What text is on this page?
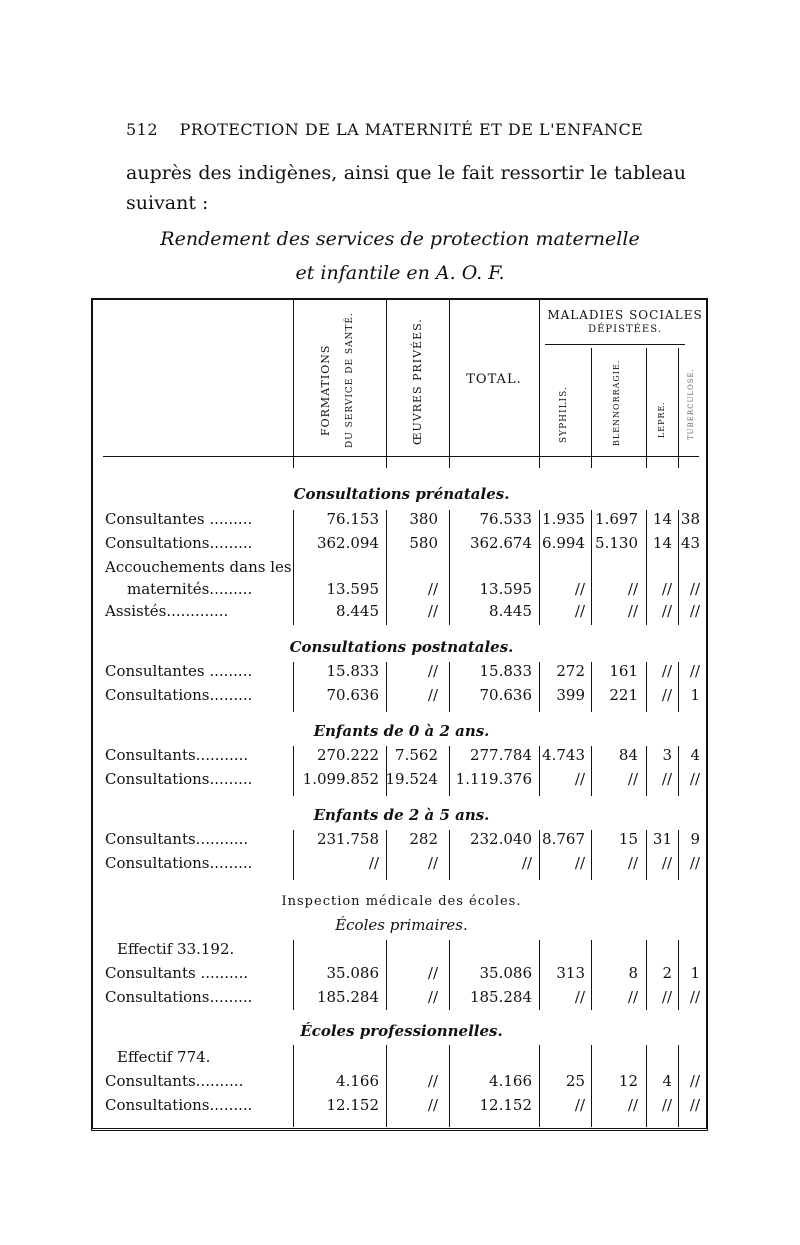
512 PROTECTION DE LA MATERNITÉ ET DE L'ENFANCE
auprès des indigènes, ainsi que le fait ressortir le tableau
suivant :
Rendement des services de protection maternelle
et infantile en A. O. F.
FORMATIONS DU SERVICE DE SANTÉ.	ŒUVRES PRIVÉES.	TOTAL.
MALADIES SOCIALES
DÉPISTÉES.
SYPHILIS.	BLENNORRAGIE.	LÈPRE.	TUBERCULOSE.
Consultations prénatales.
Consultantes .........	76.153 380	76.533 1.935 1.697 14 38
Consultations.........	362.094 580 362.674 6.994 5.130 14 43
Accouchements dans les
maternités.........	13.595	//	13.595	//	// // //
Assistés.............	8.445	//	8.445	//	// // //
Consultations postnatales.
Consultantes .........	15.833	//	15.833 272 161 // //
Consultations.........	70.636	//	70.636 399 221 // 1
Enfants de 0 à 2 ans.
Consultants...........	270.222 7.562 277.784 4.743 84 3 4
Consultations.........	1.099.852 19.524 1.119.376	//	// // //
Enfants de 2 à 5 ans.
Consultants...........	231.758 282 232.040 8.767 15 31 9
Consultations.........	//	//	//	//	// // //
Inspection médicale des écoles.
Écoles primaires.
Effectif 33.192.
Consultants ..........	35.086	//	35.086 313	8 2 1
Consultations.........	185.284	// 185.284	//	// // //
Écoles professionnelles.
Effectif 774.
Consultants..........	4.166	//	4.166 25 12 4 //
Consultations.........	12.152	//	12.152	//	// // //
